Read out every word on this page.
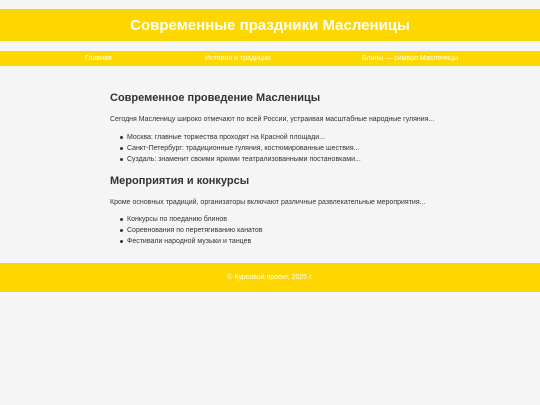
Современные праздники Масленицы
Главная	История и традиции	Блины — символ Масленицы
Современное проведение Масленицы

Сегодня Масленицу широко отмечают по всей России, устраивая масштабные народные гуляния...

Москва: главные торжества проходят на Красной площади...
Санкт-Петербург: традиционные гуляния, костюмированные шествия...
Суздаль: знаменит своими яркими театрализованными постановками...
Мероприятия и конкурсы

Кроме основных традиций, организаторы включают различные развлекательные мероприятия...

Конкурсы по поеданию блинов
Соревнования по перетягиванию канатов
Фестивали народной музыки и танцев
© Курсовой проект, 2025 г.
